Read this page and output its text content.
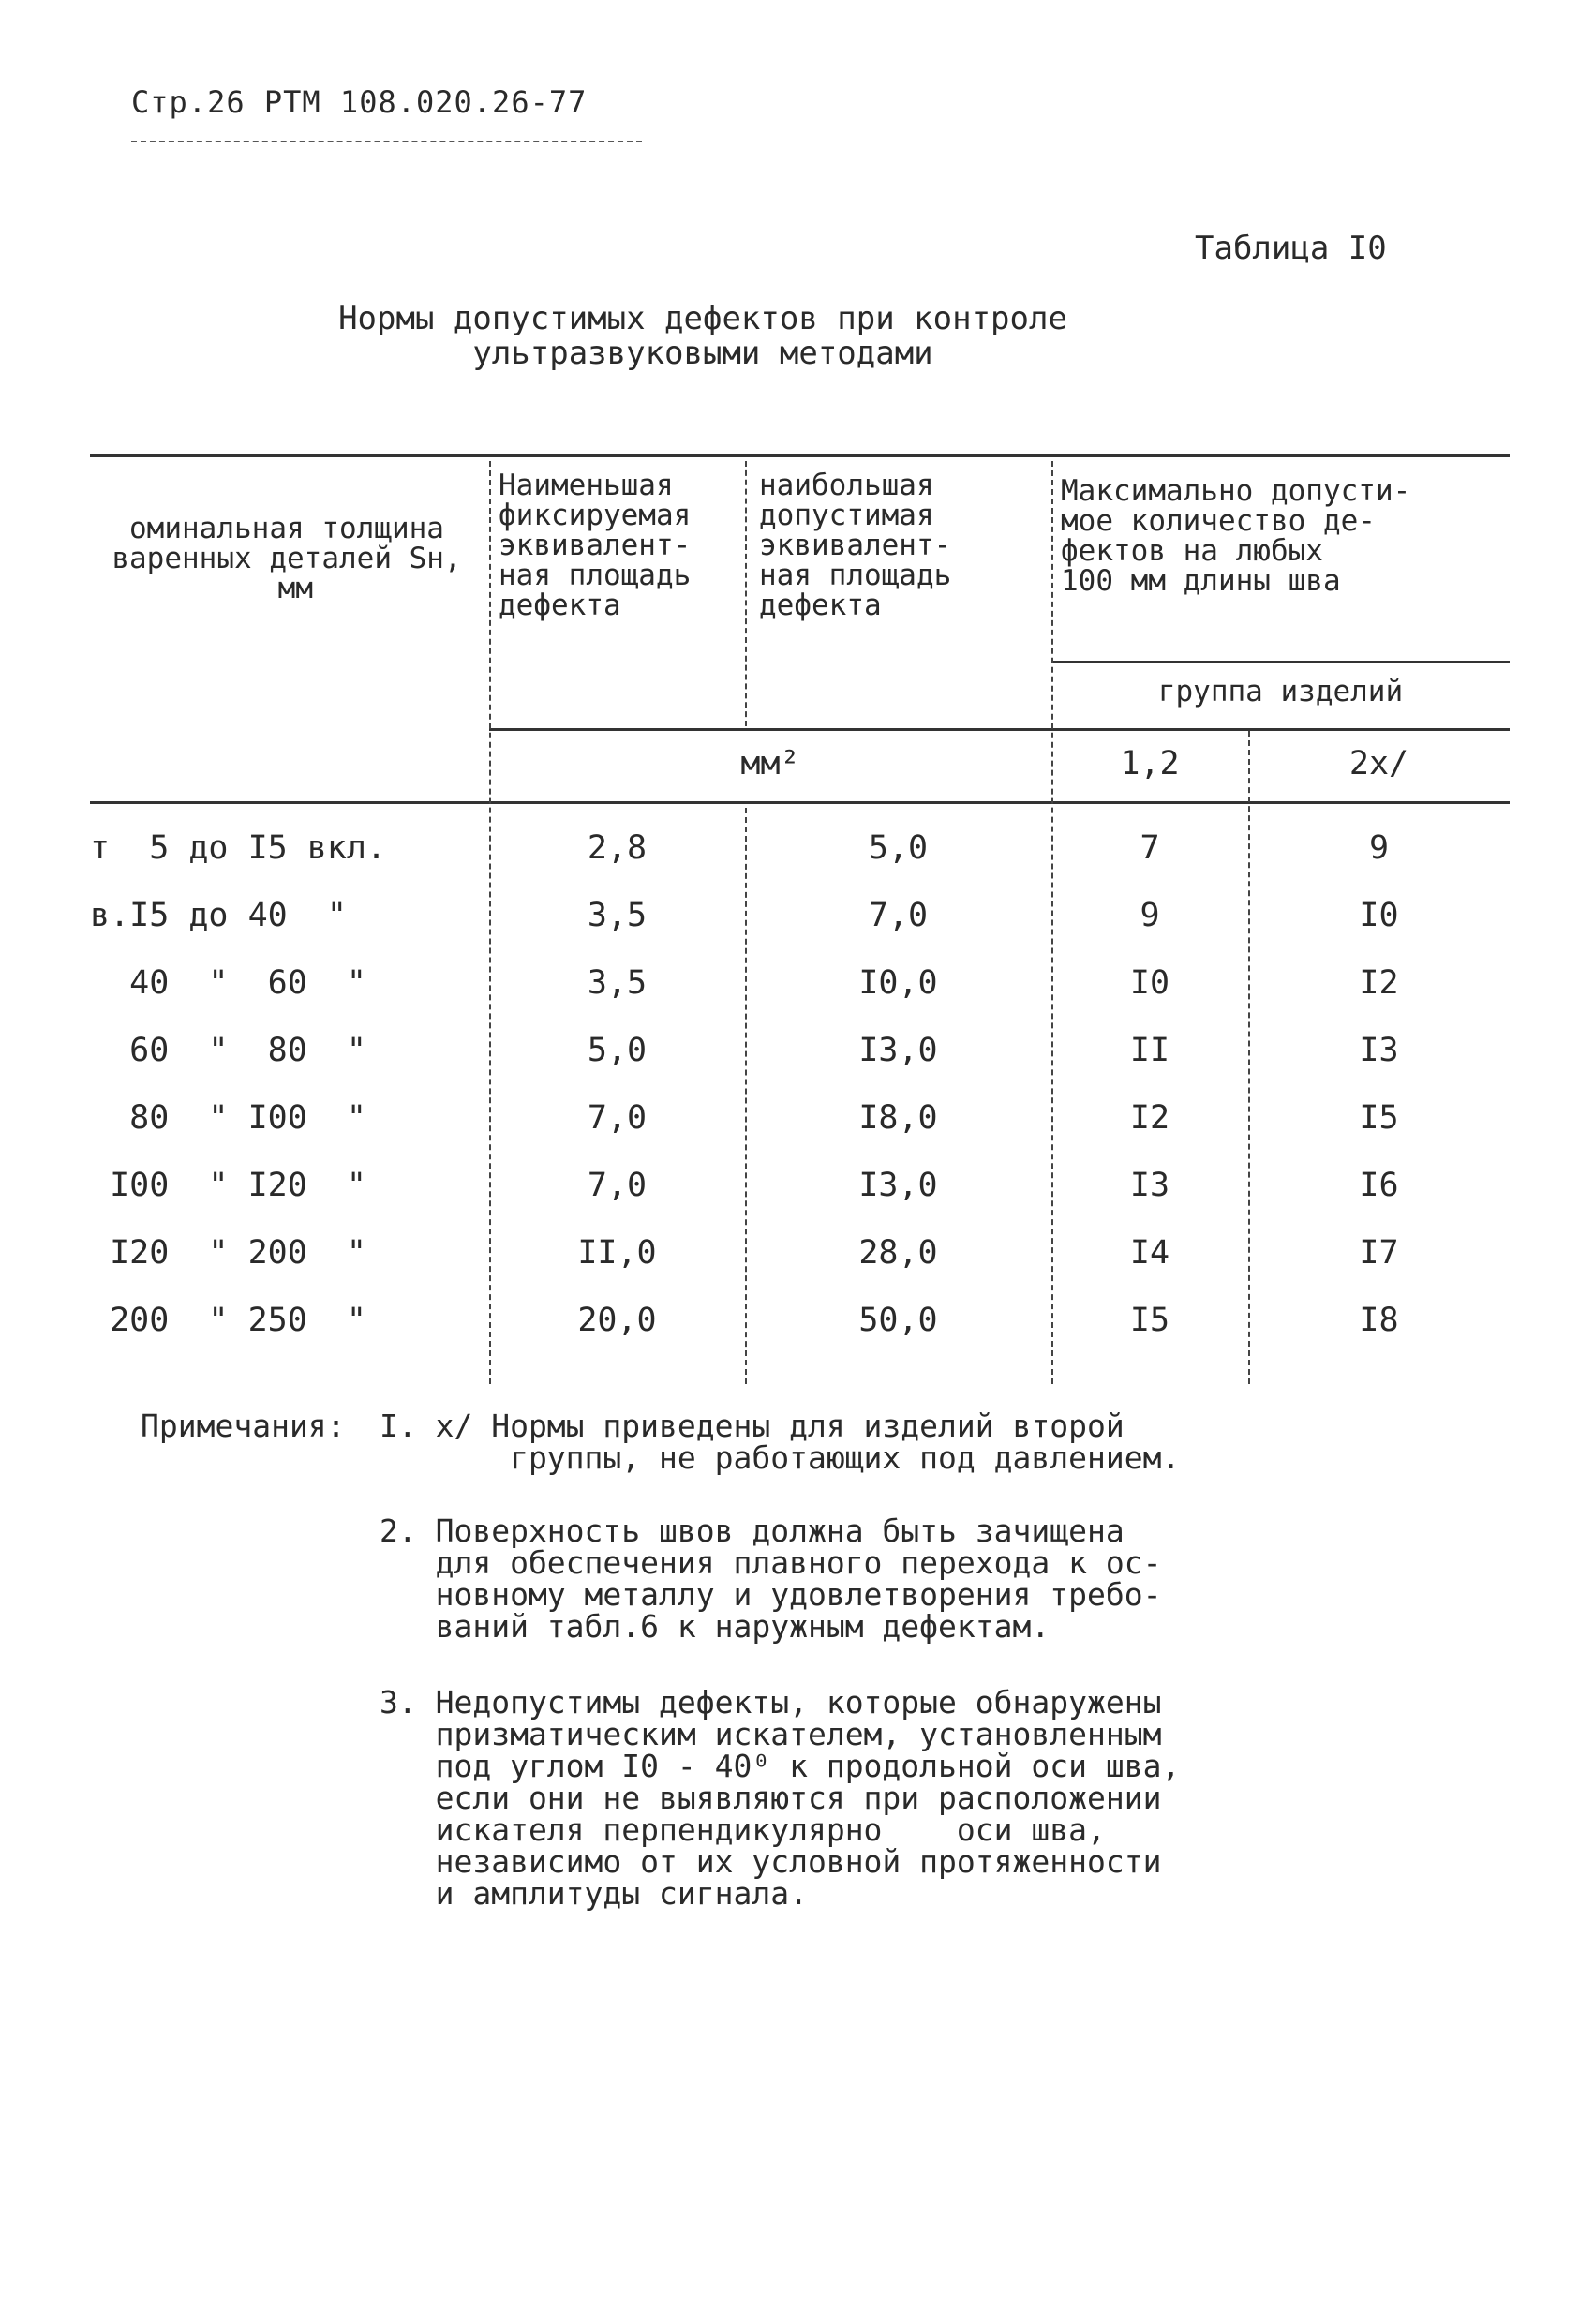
Стр.26 РТМ 108.020.26-77
Таблица I0
Нормы допустимых дефектов при контроле
ультразвуковыми методами
оминальная толщина
варенных деталей Sн,
мм
Наименьшая
фиксируемая
эквивалент-
ная площадь
дефекта
наибольшая
допустимая
эквивалент-
ная площадь
дефекта
Максимально допусти-
мое количество де-
фектов на любых
100 мм длины шва
группа изделий
мм²	1,2	2х/
т  5 до I5 вкл.	2,8	5,0	7	9
в.I5 до 40  "	3,5	7,0	9	I0
40  "  60  "	3,5	I0,0	I0	I2
60  "  80  "	5,0	I3,0	II	I3
80  " I00  "	7,0	I8,0	I2	I5
I00  " I20  "	7,0	I3,0	I3	I6
I20  " 200  "	II,0	28,0	I4	I7
200  " 250  "	20,0	50,0	I5	I8
Примечания: I. х/ Нормы приведены для изделий второй
группы, не работающих под давлением.
2. Поверхность швов должна быть зачищена
для обеспечения плавного перехода к ос-
новному металлу и удовлетворения требо-
ваний табл.6 к наружным дефектам.
3. Недопустимы дефекты, которые обнаружены
призматическим искателем, установленным
под углом I0 - 40⁰ к продольной оси шва,
если они не выявляются при расположении
искателя перпендикулярно    оси шва,
независимо от их условной протяженности
и амплитуды сигнала.
